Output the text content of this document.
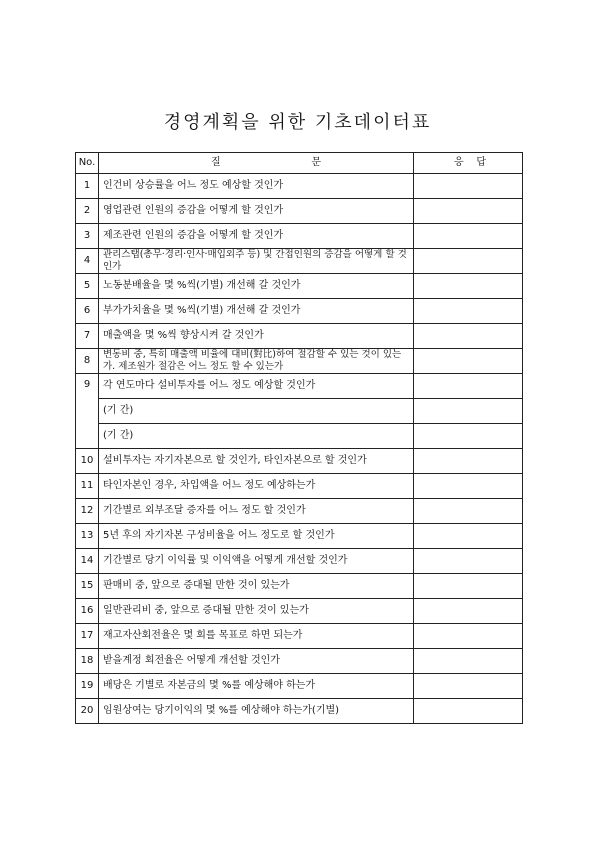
경영계획을 위한 기초데이터표
No.	질 문	응 답

1	인건비 상승률을 어느 정도 예상할 것인가	
2	영업관련 인원의 증감을 어떻게 할 것인가	
3	제조관련 인원의 증감을 어떻게 할 것인가	
4	관리스탭(총무·경리·인사·매입외주 등) 및 간접인원의 증감을 어떻게 할 것인가	
5	노동분배율을 몇 %씩(기별) 개선해 갈 것인가	
6	부가가치율을 몇 %씩(기별) 개선해 갈 것인가	
7	매출액을 몇 %씩 향상시켜 갈 것인가	
8	변동비 중, 특히 매출액 비율에 대비(對比)하여 절감할 수 있는 것이 있는가. 제조원가 절감은 어느 정도 할 수 있는가	
9	각 연도마다 설비투자를 어느 정도 예상할 것인가	
	(기 간)	
	(기 간)	
10	설비투자는 자기자본으로 할 것인가, 타인자본으로 할 것인가	
11	타인자본인 경우, 차입액을 어느 정도 예상하는가	
12	기간별로 외부조달 증자를 어느 정도 할 것인가	
13	5년 후의 자기자본 구성비율을 어느 정도로 할 것인가	
14	기간별로 당기 이익률 및 이익액을 어떻게 개선할 것인가	
15	판매비 중, 앞으로 증대될 만한 것이 있는가	
16	일반관리비 중, 앞으로 증대될 만한 것이 있는가	
17	재고자산회전율은 몇 회를 목표로 하면 되는가	
18	받을계정 회전율은 어떻게 개선할 것인가	
19	배당은 기별로 자본금의 몇 %를 예상해야 하는가	
20	임원상여는 당기이익의 몇 %를 예상해야 하는가(기별)	
